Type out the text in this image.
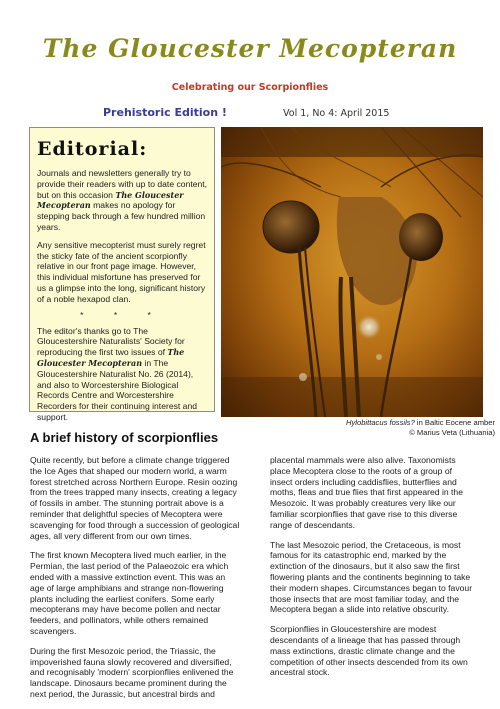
The Gloucester Mecopteran
Celebrating our Scorpionflies
Prehistoric Edition !	Vol 1, No 4: April 2015
Editorial:

Journals and newsletters generally try to provide their readers with up to date content, but on this occasion The Gloucester Mecopteran makes no apology for stepping back through a few hundred million years.

Any sensitive mecopterist must surely regret the sticky fate of the ancient scorpionfly relative in our front page image. However, this individual misfortune has preserved for us a glimpse into the long, significant history of a noble hexapod clan.

* * *

The editor's thanks go to The Gloucestershire Naturalists' Society for reproducing the first two issues of The Gloucester Mecopteran in The Gloucestershire Naturalist No. 26 (2014), and also to Worcestershire Biological Records Centre and Worcestershire Recorders for their continuing interest and support.

Hylobittacus fossils? in Baltic Eocene amber
© Marius Veta (Lithuania)
A brief history of scorpionflies

Quite recently, but before a climate change triggered the Ice Ages that shaped our modern world, a warm forest stretched across Northern Europe. Resin oozing from the trees trapped many insects, creating a legacy of fossils in amber. The stunning portrait above is a reminder that delightful species of Mecoptera were scavenging for food through a succession of geological ages, all very different from our own times.

The first known Mecoptera lived much earlier, in the Permian, the last period of the Palaeozoic era which ended with a massive extinction event. This was an age of large amphibians and strange non-flowering plants including the earliest conifers. Some early mecopterans may have become pollen and nectar feeders, and pollinators, while others remained scavengers.

During the first Mesozoic period, the Triassic, the impoverished fauna slowly recovered and diversified, and recognisably 'modern' scorpionflies enlivened the landscape. Dinosaurs became prominent during the next period, the Jurassic, but ancestral birds and

placental mammals were also alive. Taxonomists place Mecoptera close to the roots of a group of insect orders including caddisflies, butterflies and moths, fleas and true flies that first appeared in the Mesozoic. It was probably creatures very like our familiar scorpionflies that gave rise to this diverse range of descendants.

The last Mesozoic period, the Cretaceous, is most famous for its catastrophic end, marked by the extinction of the dinosaurs, but it also saw the first flowering plants and the continents beginning to take their modern shapes. Circumstances began to favour those insects that are most familiar today, and the Mecoptera began a slide into relative obscurity.

Scorpionflies in Gloucestershire are modest descendants of a lineage that has passed through mass extinctions, drastic climate change and the competition of other insects descended from its own ancestral stock.
